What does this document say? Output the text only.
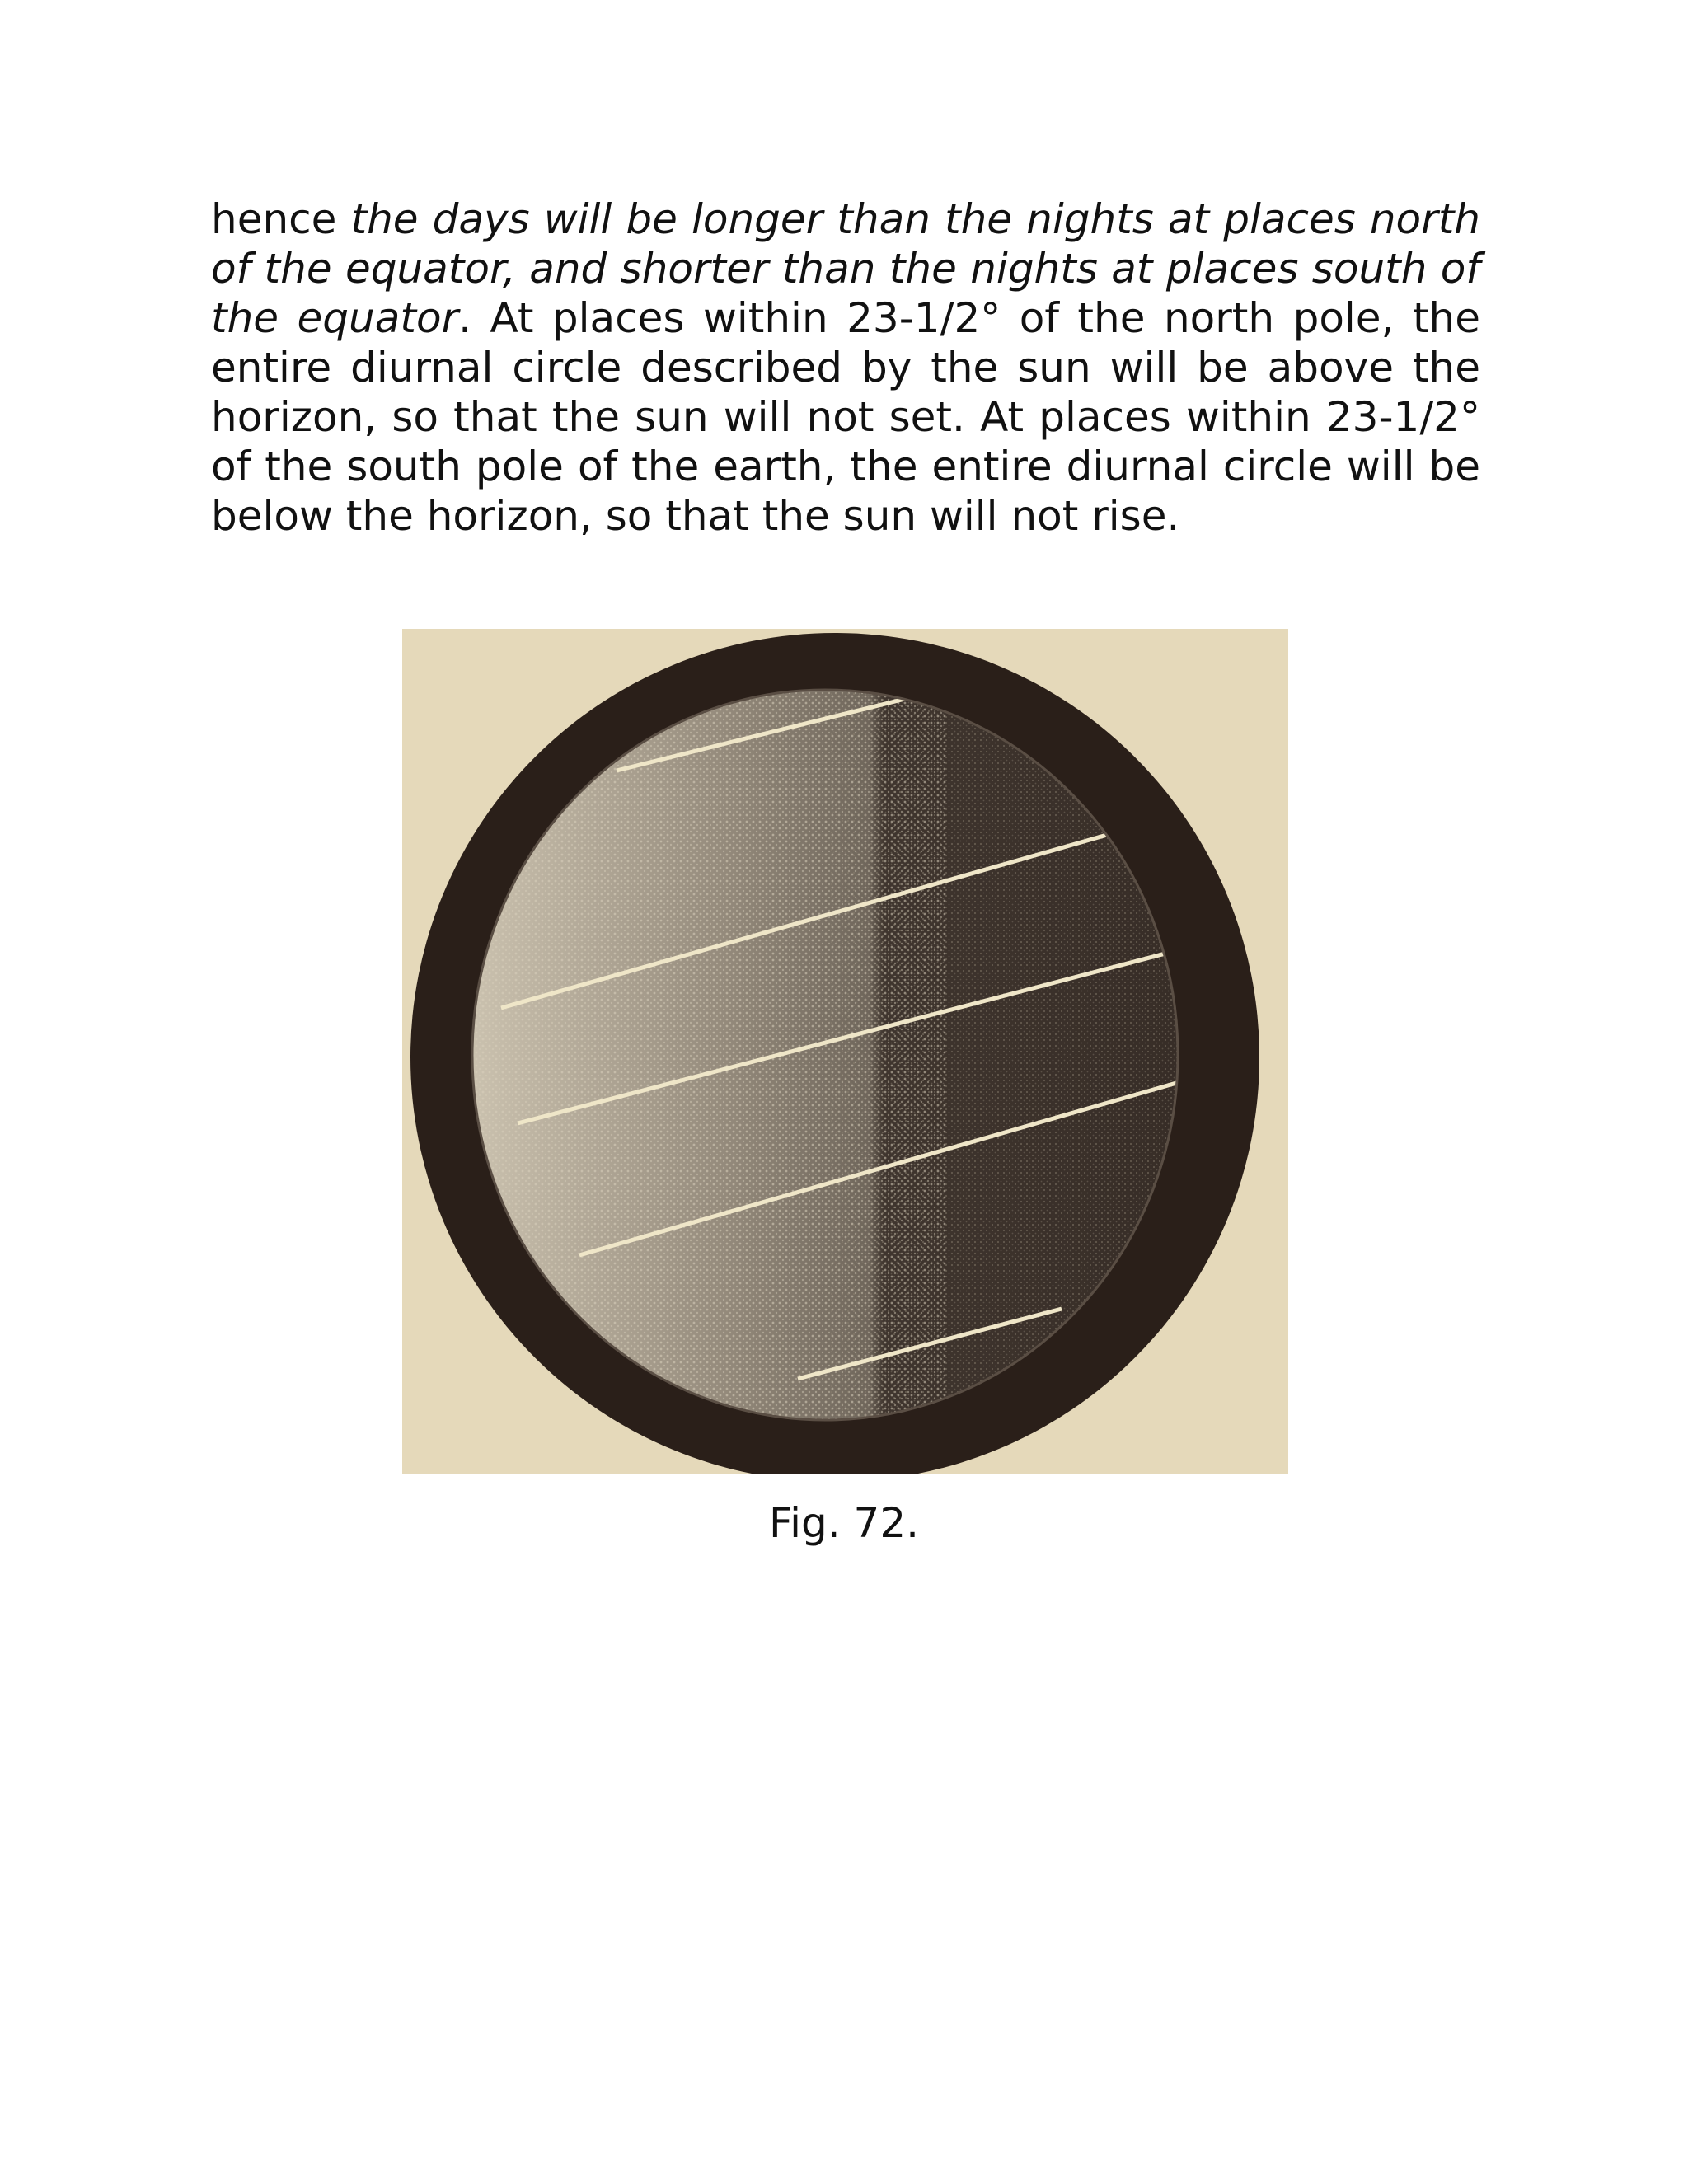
hence the days will be longer than the nights at places north of the equator, and shorter than the nights at places south of the equator. At places within 23-1/2° of the north pole, the entire diurnal circle described by the sun will be above the horizon, so that the sun will not set. At places within 23-1/2° of the south pole of the earth, the entire diurnal circle will be below the horizon, so that the sun will not rise.
Fig. 72.
